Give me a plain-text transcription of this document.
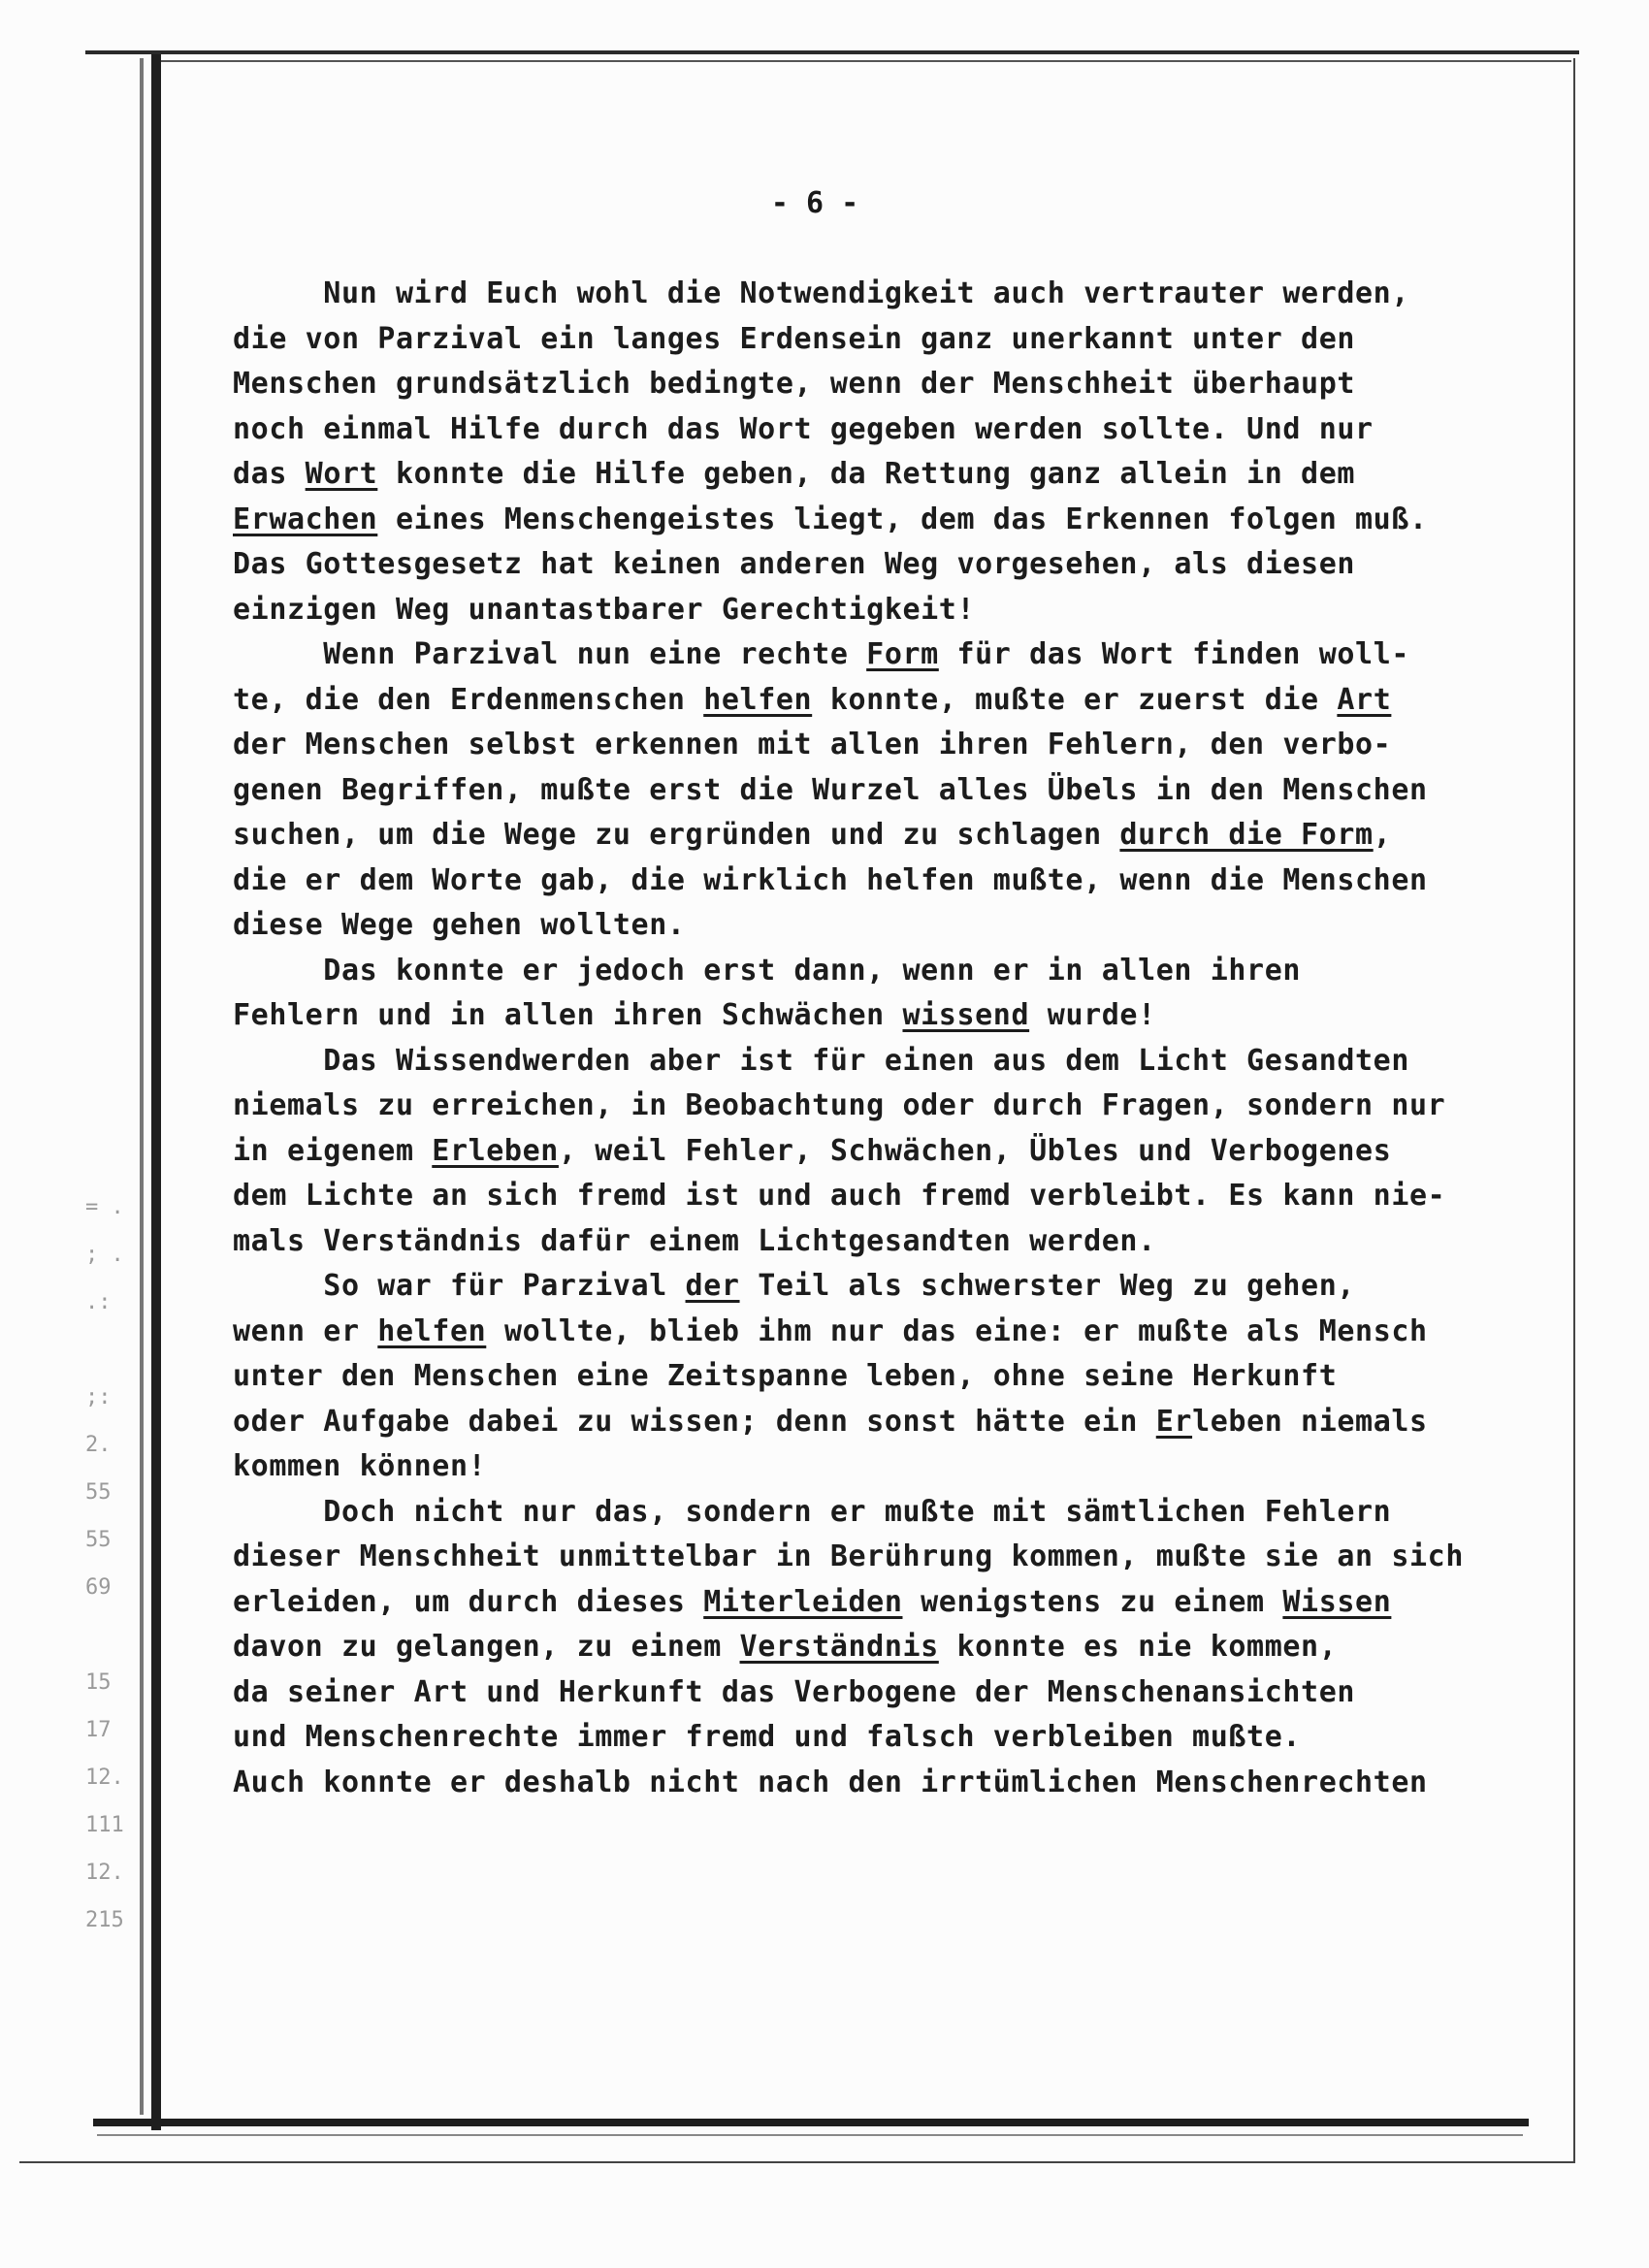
= .
; .
.:
;:
2.
55
55
69
15
17
12.
111
12.
215
- 6 -
Nun wird Euch wohl die Notwendigkeit auch vertrauter werden,
die von Parzival ein langes Erdensein ganz unerkannt unter den
Menschen grundsätzlich bedingte, wenn der Menschheit überhaupt
noch einmal Hilfe durch das Wort gegeben werden sollte. Und nur
das Wort konnte die Hilfe geben, da Rettung ganz allein in dem
Erwachen eines Menschengeistes liegt, dem das Erkennen folgen muß.
Das Gottesgesetz hat keinen anderen Weg vorgesehen, als diesen
einzigen Weg unantastbarer Gerechtigkeit!
Wenn Parzival nun eine rechte Form für das Wort finden woll-
te, die den Erdenmenschen helfen konnte, mußte er zuerst die Art
der Menschen selbst erkennen mit allen ihren Fehlern, den verbo-
genen Begriffen, mußte erst die Wurzel alles Übels in den Menschen
suchen, um die Wege zu ergründen und zu schlagen durch die Form,
die er dem Worte gab, die wirklich helfen mußte, wenn die Menschen
diese Wege gehen wollten.
Das konnte er jedoch erst dann, wenn er in allen ihren
Fehlern und in allen ihren Schwächen wissend wurde!
Das Wissendwerden aber ist für einen aus dem Licht Gesandten
niemals zu erreichen, in Beobachtung oder durch Fragen, sondern nur
in eigenem Erleben, weil Fehler, Schwächen, Übles und Verbogenes
dem Lichte an sich fremd ist und auch fremd verbleibt. Es kann nie-
mals Verständnis dafür einem Lichtgesandten werden.
So war für Parzival der Teil als schwerster Weg zu gehen,
wenn er helfen wollte, blieb ihm nur das eine: er mußte als Mensch
unter den Menschen eine Zeitspanne leben, ohne seine Herkunft
oder Aufgabe dabei zu wissen; denn sonst hätte ein Erleben niemals
kommen können!
Doch nicht nur das, sondern er mußte mit sämtlichen Fehlern
dieser Menschheit unmittelbar in Berührung kommen, mußte sie an sich
erleiden, um durch dieses Miterleiden wenigstens zu einem Wissen
davon zu gelangen, zu einem Verständnis konnte es nie kommen,
da seiner Art und Herkunft das Verbogene der Menschenansichten
und Menschenrechte immer fremd und falsch verbleiben mußte.
Auch konnte er deshalb nicht nach den irrtümlichen Menschenrechten
